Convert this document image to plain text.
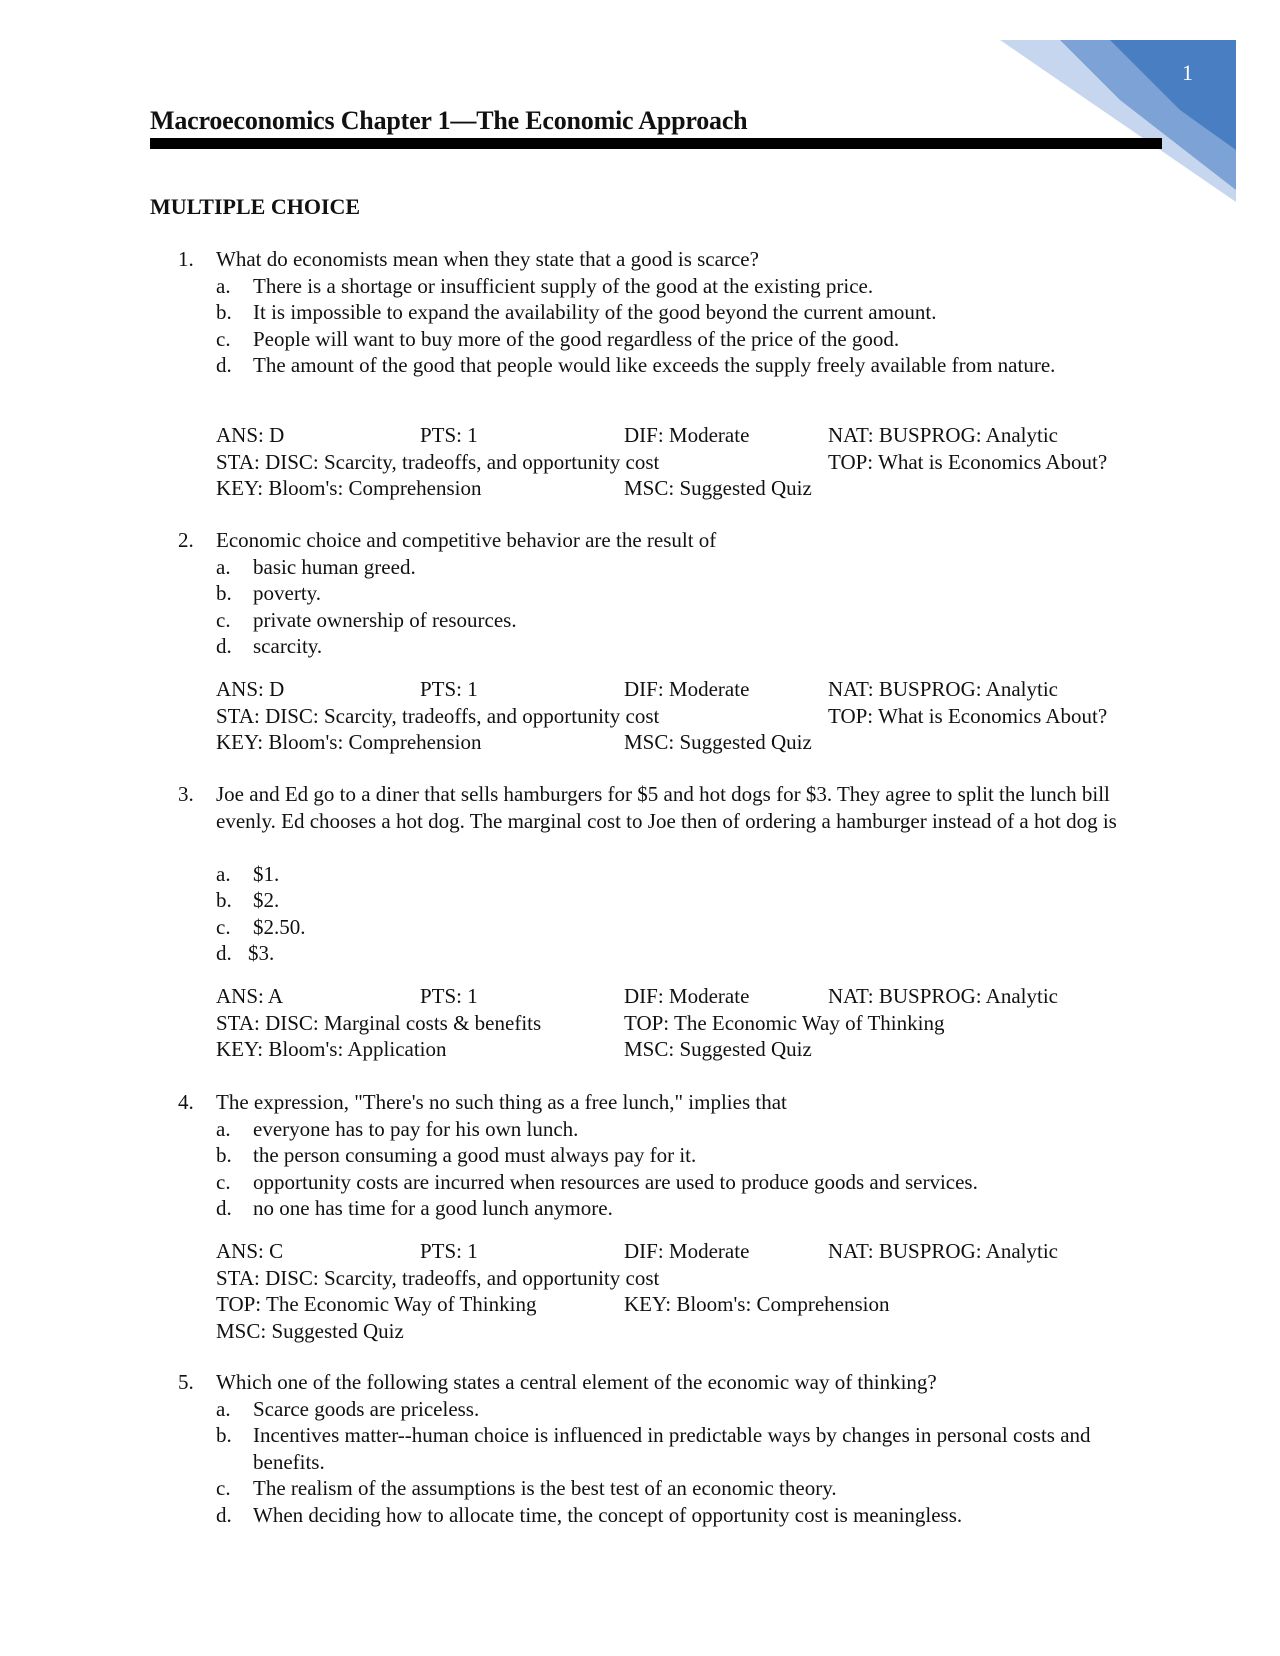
1
Macroeconomics Chapter 1—The Economic Approach
MULTIPLE CHOICE
1. What do economists mean when they state that a good is scarce?
a. There is a shortage or insufficient supply of the good at the existing price.
b. It is impossible to expand the availability of the good beyond the current amount.
c. People will want to buy more of the good regardless of the price of the good.
d. The amount of the good that people would like exceeds the supply freely available from nature.
ANS: D	PTS: 1	DIF: Moderate	NAT: BUSPROG: Analytic
STA: DISC: Scarcity, tradeoffs, and opportunity cost	TOP: What is Economics About?
KEY: Bloom's: Comprehension	MSC: Suggested Quiz
2. Economic choice and competitive behavior are the result of
a. basic human greed.
b. poverty.
c. private ownership of resources.
d. scarcity.
ANS: D	PTS: 1	DIF: Moderate	NAT: BUSPROG: Analytic
STA: DISC: Scarcity, tradeoffs, and opportunity cost	TOP: What is Economics About?
KEY: Bloom's: Comprehension	MSC: Suggested Quiz
3. Joe and Ed go to a diner that sells hamburgers for $5 and hot dogs for $3. They agree to split the lunch bill evenly. Ed chooses a hot dog. The marginal cost to Joe then of ordering a hamburger instead of a hot dog is
a. $1.
b. $2.
c. $2.50.
d. $3.
ANS: A	PTS: 1	DIF: Moderate	NAT: BUSPROG: Analytic
STA: DISC: Marginal costs & benefits	TOP: The Economic Way of Thinking
KEY: Bloom's: Application	MSC: Suggested Quiz
4. The expression, "There's no such thing as a free lunch," implies that
a. everyone has to pay for his own lunch.
b. the person consuming a good must always pay for it.
c. opportunity costs are incurred when resources are used to produce goods and services.
d. no one has time for a good lunch anymore.
ANS: C	PTS: 1	DIF: Moderate	NAT: BUSPROG: Analytic
STA: DISC: Scarcity, tradeoffs, and opportunity cost
TOP: The Economic Way of Thinking	KEY: Bloom's: Comprehension
MSC: Suggested Quiz
5. Which one of the following states a central element of the economic way of thinking?
a. Scarce goods are priceless.
b. Incentives matter--human choice is influenced in predictable ways by changes in personal costs and benefits.
c. The realism of the assumptions is the best test of an economic theory.
d. When deciding how to allocate time, the concept of opportunity cost is meaningless.
